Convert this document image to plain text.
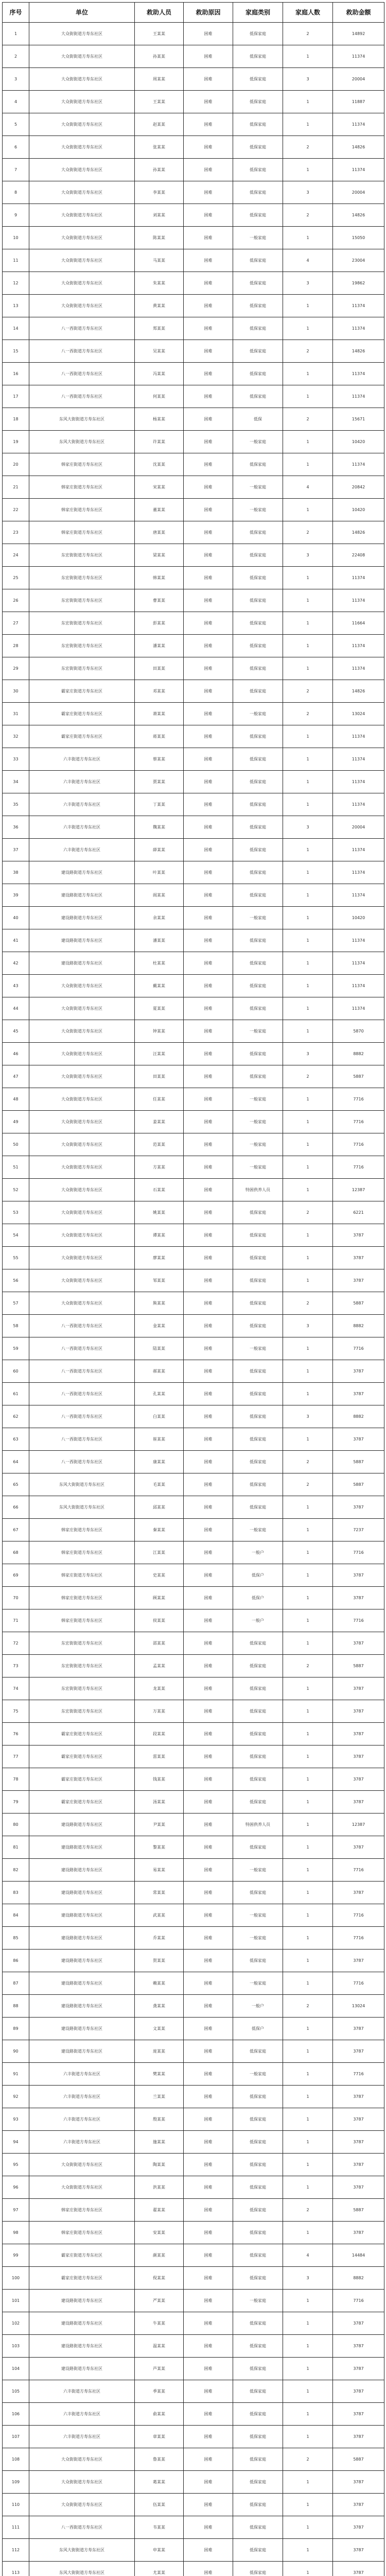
序号	单位	救助人员	救助原因	家庭类别	家庭人数	救助金额
1	大众街街道方寿东社区	王某某	困难	低保家庭	2	14892
2	大众街街道方寿东社区	孙某某	困难	低保家庭	1	11374
3	大众街街道方寿东社区	周某某	困难	低保家庭	3	20004
4	大众街街道方寿东社区	王某某	困难	低保家庭	1	11887
5	大众街街道方寿东社区	赵某某	困难	低保家庭	1	11374
6	大众街街道方寿东社区	张某某	困难	低保家庭	2	14826
7	大众街街道方寿东社区	孙某某	困难	低保家庭	1	11374
8	大众街街道方寿东社区	李某某	困难	低保家庭	3	20004
9	大众街街道方寿东社区	刘某某	困难	低保家庭	2	14826
10	大众街街道方寿东社区	陈某某	困难	一般家庭	1	15050
11	大众街街道方寿东社区	马某某	困难	低保家庭	4	23004
12	大众街街道方寿东社区	朱某某	困难	低保家庭	3	19862
13	大众街街道方寿东社区	黄某某	困难	低保家庭	1	11374
14	八一西街道方寿东社区	郑某某	困难	低保家庭	1	11374
15	八一西街道方寿东社区	吴某某	困难	低保家庭	2	14826
16	八一西街道方寿东社区	冯某某	困难	低保家庭	1	11374
17	八一西街道方寿东社区	何某某	困难	低保家庭	1	11374
18	东风大街街道方寿东社区	杨某某	困难	低保	2	15671
19	东风大街街道方寿东社区	许某某	困难	一般家庭	1	10420
20	韩家庄街道方寿东社区	沈某某	困难	低保家庭	1	11374
21	韩家庄街道方寿东社区	宋某某	困难	一般家庭	4	20842
22	韩家庄街道方寿东社区	董某某	困难	一般家庭	1	10420
23	韩家庄街道方寿东社区	唐某某	困难	低保家庭	2	14826
24	东宏街街道方寿东社区	梁某某	困难	低保家庭	3	22408
25	东宏街街道方寿东社区	韩某某	困难	低保家庭	1	11374
26	东宏街街道方寿东社区	曹某某	困难	低保家庭	1	11374
27	东宏街街道方寿东社区	彭某某	困难	低保家庭	1	11664
28	东宏街街道方寿东社区	潘某某	困难	低保家庭	1	11374
29	东宏街街道方寿东社区	田某某	困难	低保家庭	1	11374
30	霸家庄街道方寿东社区	邓某某	困难	低保家庭	2	14826
31	霸家庄街道方寿东社区	萧某某	困难	一般家庭	2	13024
32	霸家庄街道方寿东社区	蒋某某	困难	低保家庭	1	11374
33	六丰街道方寿东社区	蔡某某	困难	低保家庭	1	11374
34	六丰街道方寿东社区	贾某某	困难	低保家庭	1	11374
35	六丰街道方寿东社区	丁某某	困难	低保家庭	1	11374
36	六丰街道方寿东社区	魏某某	困难	低保家庭	3	20004
37	六丰街道方寿东社区	薛某某	困难	低保家庭	1	11374
38	建设路街道方寿东社区	叶某某	困难	低保家庭	1	11374
39	建设路街道方寿东社区	阎某某	困难	低保家庭	1	11374
40	建设路街道方寿东社区	余某某	困难	一般家庭	1	10420
41	建设路街道方寿东社区	潘某某	困难	低保家庭	1	11374
42	建设路街道方寿东社区	杜某某	困难	低保家庭	1	11374
43	大众街街道方寿东社区	戴某某	困难	低保家庭	1	11374
44	大众街街道方寿东社区	夏某某	困难	低保家庭	1	11374
45	大众街街道方寿东社区	钟某某	困难	一般家庭	1	5870
46	大众街街道方寿东社区	汪某某	困难	低保家庭	3	8882
47	大众街街道方寿东社区	田某某	困难	低保家庭	2	5887
48	大众街街道方寿东社区	任某某	困难	一般家庭	1	7716
49	大众街街道方寿东社区	姜某某	困难	一般家庭	1	7716
50	大众街街道方寿东社区	范某某	困难	一般家庭	1	7716
51	大众街街道方寿东社区	方某某	困难	一般家庭	1	7716
52	大众街街道方寿东社区	石某某	困难	特困供养人员	1	12387
53	大众街街道方寿东社区	姚某某	困难	低保家庭	2	6221
54	大众街街道方寿东社区	谭某某	困难	低保家庭	1	3787
55	大众街街道方寿东社区	廖某某	困难	低保家庭	1	3787
56	大众街街道方寿东社区	邹某某	困难	低保家庭	1	3787
57	大众街街道方寿东社区	熊某某	困难	低保家庭	2	5887
58	八一西街道方寿东社区	金某某	困难	低保家庭	3	8882
59	八一西街道方寿东社区	陆某某	困难	一般家庭	1	7716
60	八一西街道方寿东社区	郝某某	困难	低保家庭	1	3787
61	八一西街道方寿东社区	孔某某	困难	低保家庭	1	3787
62	八一西街道方寿东社区	白某某	困难	低保家庭	3	8882
63	八一西街道方寿东社区	崔某某	困难	低保家庭	1	3787
64	八一西街道方寿东社区	康某某	困难	低保家庭	2	5887
65	东风大街街道方寿东社区	毛某某	困难	低保家庭	2	5887
66	东风大街街道方寿东社区	邱某某	困难	低保家庭	1	3787
67	韩家庄街道方寿东社区	秦某某	困难	一般家庭	1	7237
68	韩家庄街道方寿东社区	江某某	困难	一般户	1	7716
69	韩家庄街道方寿东社区	史某某	困难	低保户	1	3787
70	韩家庄街道方寿东社区	顾某某	困难	低保户	1	3787
71	韩家庄街道方寿东社区	侯某某	困难	一般户	1	7716
72	东宏街街道方寿东社区	邵某某	困难	低保家庭	1	3787
73	东宏街街道方寿东社区	孟某某	困难	低保家庭	2	5887
74	东宏街街道方寿东社区	龙某某	困难	低保家庭	1	3787
75	东宏街街道方寿东社区	万某某	困难	低保家庭	1	3787
76	霸家庄街道方寿东社区	段某某	困难	低保家庭	1	3787
77	霸家庄街道方寿东社区	雷某某	困难	低保家庭	1	3787
78	霸家庄街道方寿东社区	钱某某	困难	低保家庭	1	3787
79	霸家庄街道方寿东社区	汤某某	困难	低保家庭	1	3787
80	建设路街道方寿东社区	尹某某	困难	特困供养人员	1	12387
81	建设路街道方寿东社区	黎某某	困难	低保家庭	1	3787
82	建设路街道方寿东社区	易某某	困难	一般家庭	1	7716
83	建设路街道方寿东社区	常某某	困难	低保家庭	1	3787
84	建设路街道方寿东社区	武某某	困难	一般家庭	1	7716
85	建设路街道方寿东社区	乔某某	困难	一般家庭	1	7716
86	建设路街道方寿东社区	贺某某	困难	低保家庭	1	3787
87	建设路街道方寿东社区	赖某某	困难	一般家庭	1	7716
88	建设路街道方寿东社区	龚某某	困难	一般户	2	13024
89	建设路街道方寿东社区	文某某	困难	低保户	1	3787
90	建设路街道方寿东社区	庞某某	困难	低保家庭	1	3787
91	六丰街道方寿东社区	樊某某	困难	一般家庭	1	7716
92	六丰街道方寿东社区	兰某某	困难	低保家庭	1	3787
93	六丰街道方寿东社区	殷某某	困难	低保家庭	1	3787
94	六丰街道方寿东社区	施某某	困难	低保家庭	1	3787
95	大众街街道方寿东社区	陶某某	困难	低保家庭	1	3787
96	大众街街道方寿东社区	洪某某	困难	低保家庭	1	3787
97	韩家庄街道方寿东社区	翟某某	困难	低保家庭	2	5887
98	韩家庄街道方寿东社区	安某某	困难	低保家庭	1	3787
99	霸家庄街道方寿东社区	颜某某	困难	低保家庭	4	14484
100	霸家庄街道方寿东社区	倪某某	困难	低保家庭	3	8882
101	建设路街道方寿东社区	严某某	困难	一般家庭	1	7716
102	建设路街道方寿东社区	牛某某	困难	低保家庭	1	3787
103	建设路街道方寿东社区	温某某	困难	低保家庭	1	3787
104	建设路街道方寿东社区	芦某某	困难	低保家庭	1	3787
105	六丰街道方寿东社区	季某某	困难	低保家庭	1	3787
106	六丰街道方寿东社区	俞某某	困难	低保家庭	1	3787
107	六丰街道方寿东社区	章某某	困难	低保家庭	1	3787
108	大众街街道方寿东社区	鲁某某	困难	低保家庭	2	5887
109	大众街街道方寿东社区	葛某某	困难	低保家庭	1	3787
110	大众街街道方寿东社区	伍某某	困难	低保家庭	1	3787
111	八一西街道方寿东社区	韦某某	困难	低保家庭	1	3787
112	东风大街街道方寿东社区	申某某	困难	低保家庭	1	3787
113	东风大街街道方寿东社区	尤某某	困难	低保家庭	1	3787
